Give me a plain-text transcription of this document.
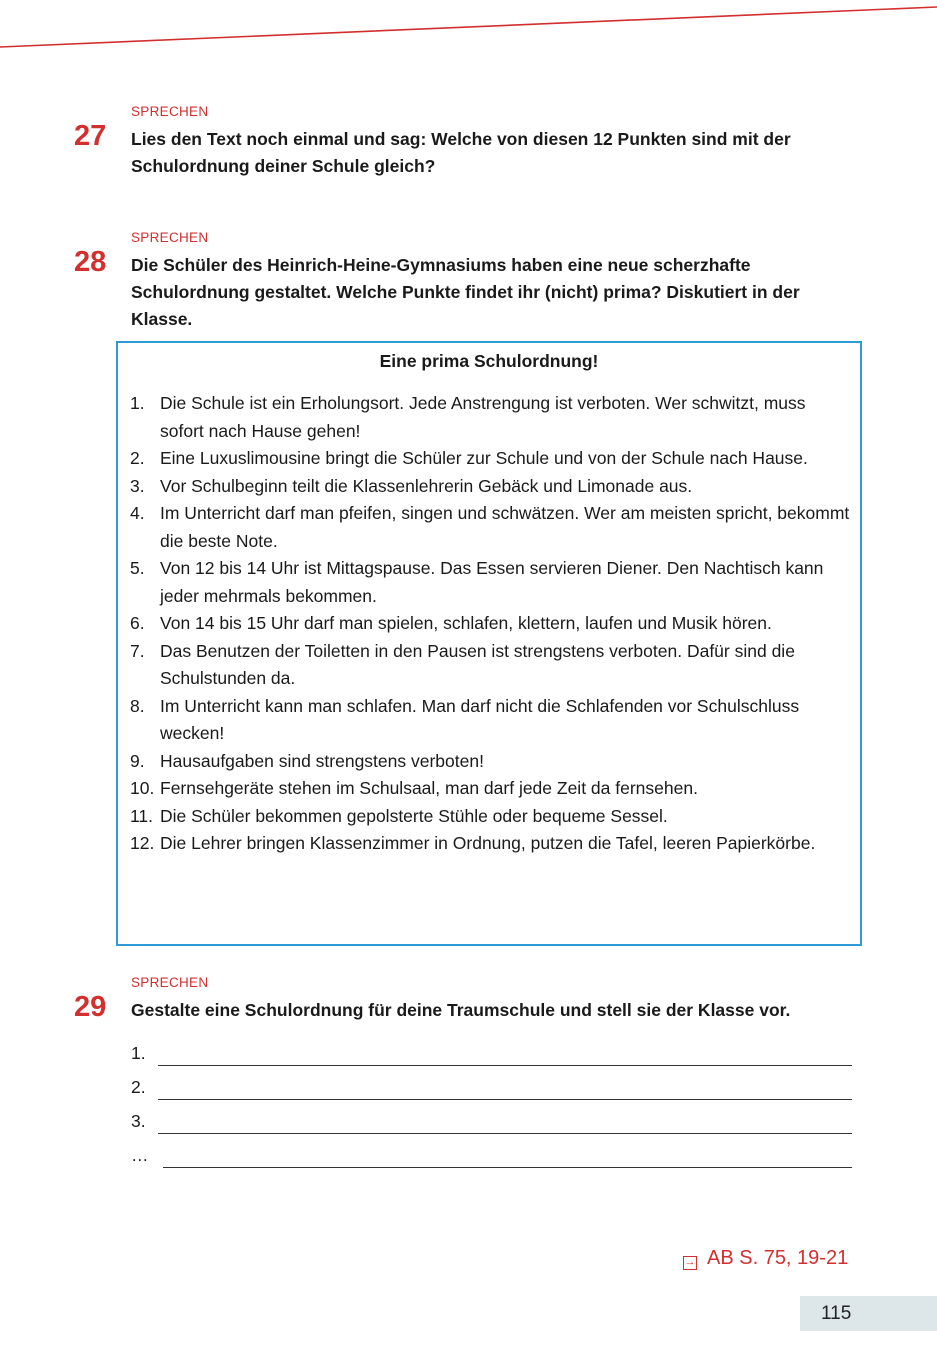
SPRECHEN
27 Lies den Text noch einmal und sag: Welche von diesen 12 Punkten sind mit der Schulordnung deiner Schule gleich?
SPRECHEN
28 Die Schüler des Heinrich-Heine-Gymnasiums haben eine neue scherzhafte Schulordnung gestaltet. Welche Punkte findet ihr (nicht) prima? Diskutiert in der Klasse.
Eine prima Schulordnung!
1. Die Schule ist ein Erholungsort. Jede Anstrengung ist verboten. Wer schwitzt, muss sofort nach Hause gehen!
2. Eine Luxuslimousine bringt die Schüler zur Schule und von der Schule nach Hause.
3. Vor Schulbeginn teilt die Klassenlehrerin Gebäck und Limonade aus.
4. Im Unterricht darf man pfeifen, singen und schwätzen. Wer am meisten spricht, bekommt die beste Note.
5. Von 12 bis 14 Uhr ist Mittagspause. Das Essen servieren Diener. Den Nachtisch kann jeder mehrmals bekommen.
6. Von 14 bis 15 Uhr darf man spielen, schlafen, klettern, laufen und Musik hören.
7. Das Benutzen der Toiletten in den Pausen ist strengstens verboten. Dafür sind die Schulstunden da.
8. Im Unterricht kann man schlafen. Man darf nicht die Schlafenden vor Schulschluss wecken!
9. Hausaufgaben sind strengstens verboten!
10. Fernsehgeräte stehen im Schulsaal, man darf jede Zeit da fernsehen.
11. Die Schüler bekommen gepolsterte Stühle oder bequeme Sessel.
12. Die Lehrer bringen Klassenzimmer in Ordnung, putzen die Tafel, leeren Papierkörbe.
SPRECHEN
29 Gestalte eine Schulordnung für deine Traumschule und stell sie der Klasse vor.
1.
2.
3.
…
→ AB S. 75, 19-21
115
